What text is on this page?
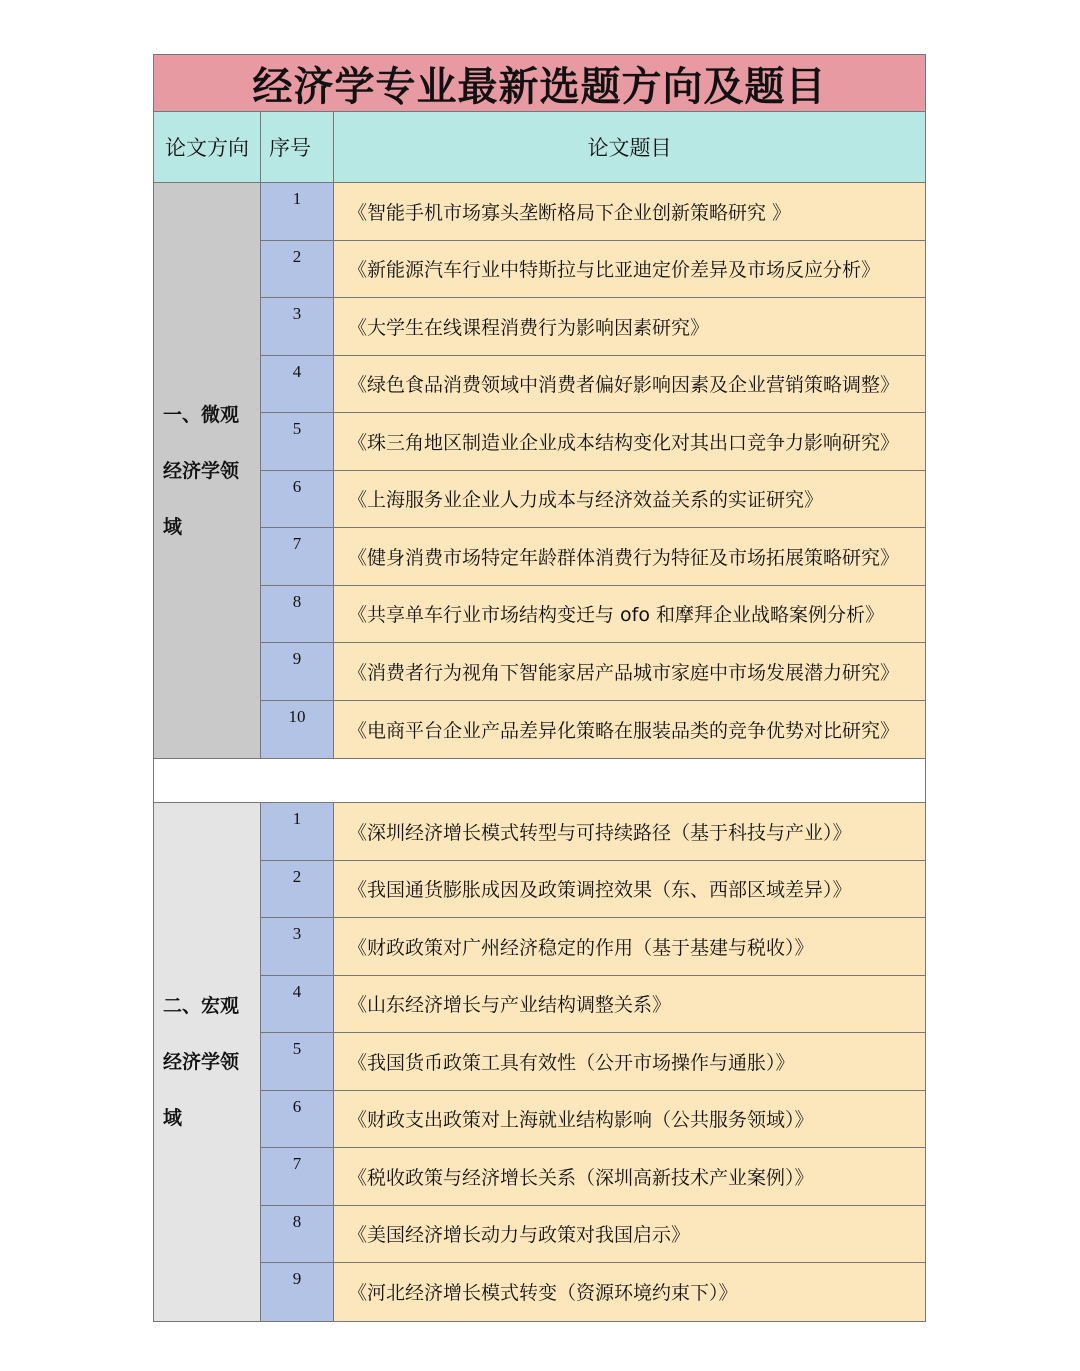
经济学专业最新选题方向及题目
论文方向 序号	论文题目
一、微观
经济学领
域
1
《智能手机市场寡头垄断格局下企业创新策略研究 》
2
《新能源汽车行业中特斯拉与比亚迪定价差异及市场反应分析》
3
《大学生在线课程消费行为影响因素研究》
4
《绿色食品消费领域中消费者偏好影响因素及企业营销策略调整》
5
《珠三角地区制造业企业成本结构变化对其出口竞争力影响研究》
6
《上海服务业企业人力成本与经济效益关系的实证研究》
7
《健身消费市场特定年龄群体消费行为特征及市场拓展策略研究》
8
《共享单车行业市场结构变迁与 ofo 和摩拜企业战略案例分析》
9
《消费者行为视角下智能家居产品城市家庭中市场发展潜力研究》
10
《电商平台企业产品差异化策略在服装品类的竞争优势对比研究》
二、宏观
经济学领
域
1
《深圳经济增长模式转型与可持续路径（基于科技与产业）》
2
《我国通货膨胀成因及政策调控效果（东、西部区域差异）》
3
《财政政策对广州经济稳定的作用（基于基建与税收）》
4
《山东经济增长与产业结构调整关系》
5
《我国货币政策工具有效性（公开市场操作与通胀）》
6
《财政支出政策对上海就业结构影响（公共服务领域）》
7
《税收政策与经济增长关系（深圳高新技术产业案例）》
8
《美国经济增长动力与政策对我国启示》
9
《河北经济增长模式转变（资源环境约束下）》
